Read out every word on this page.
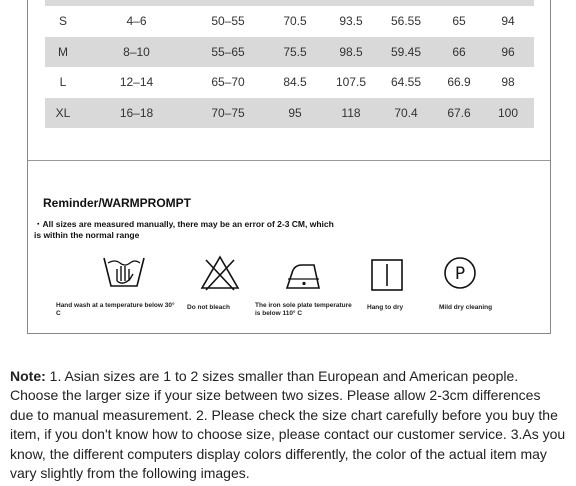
S	4–6	50–55	70.5	93.5	56.55	65	94
M	8–10	55–65	75.5	98.5	59.45	66	96
L	12–14	65–70	84.5	107.5	64.55	66.9	98
XL	16–18	70–75	95	118	70.4	67.6	100
Reminder/WARMPROMPT
・All sizes are measured manually, there may be an error of 2-3 CM, which is within the normal range
P
Hand wash at a temperature below 30° C
Do not bleach	The iron sole plate temperature is below 110° C
Hang to dry	Mild dry cleaning
Note: 1. Asian sizes are 1 to 2 sizes smaller than European and American people. Choose the larger size if your size between two sizes. Please allow 2-3cm differences due to manual measurement. 2. Please check the size chart carefully before you buy the item, if you don't know how to choose size, please contact our customer service. 3.As you know, the different computers display colors differently, the color of the actual item may vary slightly from the following images.
